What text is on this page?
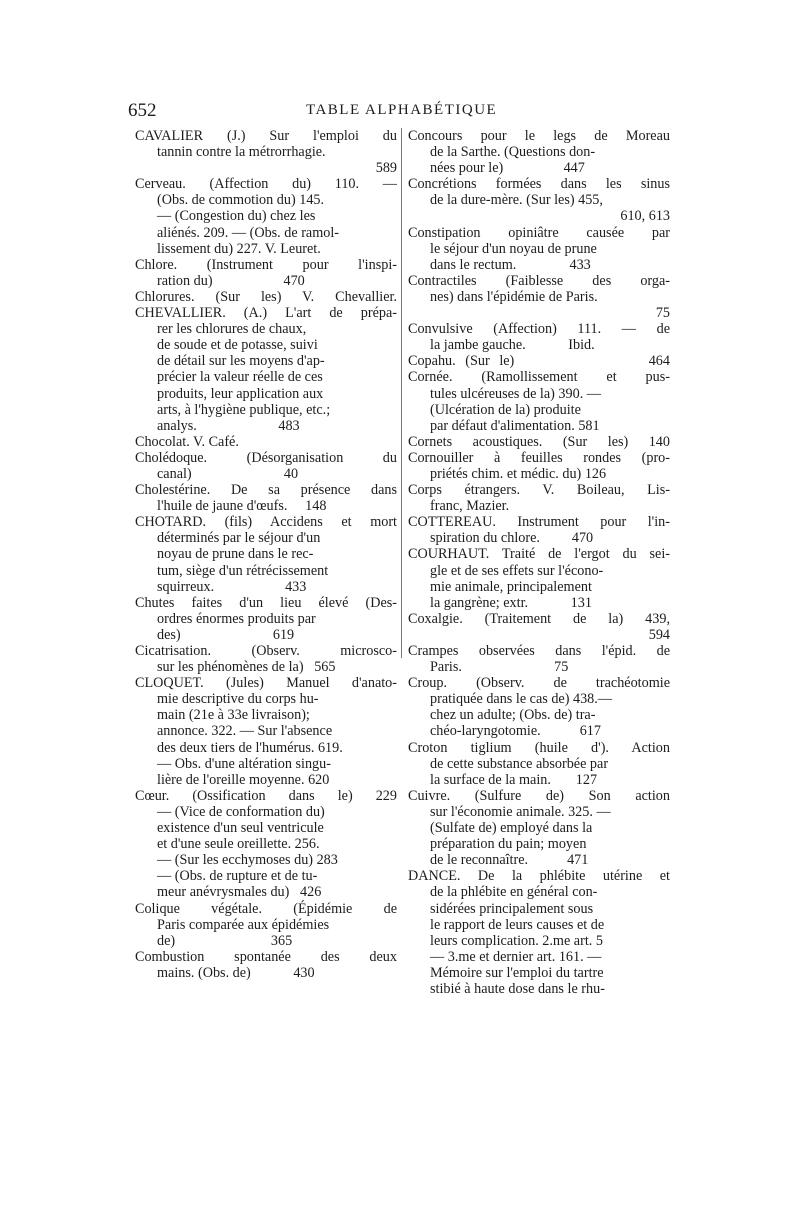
652	TABLE ALPHABÉTIQUE
CAVALIER (J.) Sur l'emploi du
tannin contre la métrorrhagie.
589
Cerveau. (Affection du) 110. —
(Obs. de commotion du) 145.
— (Congestion du) chez les
aliénés. 209. — (Obs. de ramol-
lissement du) 227. V. Leuret.
Chlore. (Instrument pour l'inspi-
ration du)                    470
Chlorures. (Sur les) V. Chevallier.
CHEVALLIER. (A.) L'art de prépa-
rer les chlorures de chaux,
de soude et de potasse, suivi
de détail sur les moyens d'ap-
précier la valeur réelle de ces
produits, leur application aux
arts, à l'hygiène publique, etc.;
analys.                       483
Chocolat. V. Café.
Cholédoque. (Désorganisation du
canal)                          40
Cholestérine. De sa présence dans
l'huile de jaune d'œufs.     148
CHOTARD. (fils) Accidens et mort
déterminés par le séjour d'un
noyau de prune dans le rec-
tum, siège d'un rétrécissement
squirreux.                    433
Chutes faites d'un lieu élevé (Des-
ordres énormes produits par
des)                          619
Cicatrisation. (Observ. microsco-
sur les phénomènes de la)   565
CLOQUET. (Jules) Manuel d'anato-
mie descriptive du corps hu-
main (21e à 33e livraison);
annonce. 322. — Sur l'absence
des deux tiers de l'humérus. 619.
— Obs. d'une altération singu-
lière de l'oreille moyenne. 620
Cœur. (Ossification dans le) 229
— (Vice de conformation du)
existence d'un seul ventricule
et d'une seule oreillette. 256.
— (Sur les ecchymoses du) 283
— (Obs. de rupture et de tu-
meur anévrysmales du)   426
Colique végétale. (Épidémie de
Paris comparée aux épidémies
de)                           365
Combustion spontanée des deux
mains. (Obs. de)            430
Concours pour le legs de Moreau
de la Sarthe. (Questions don-
nées pour le)                 447
Concrétions formées dans les sinus
de la dure-mère. (Sur les) 455,
610, 613
Constipation opiniâtre causée par
le séjour d'un noyau de prune
dans le rectum.               433
Contractiles (Faiblesse des orga-
nes) dans l'épidémie de Paris.
75
Convulsive (Affection) 111. — de
la jambe gauche.            Ibid.
Copahu. (Sur le)              464
Cornée. (Ramollissement et pus-
tules ulcéreuses de la) 390. —
(Ulcération de la) produite
par défaut d'alimentation. 581
Cornets acoustiques. (Sur les) 140
Cornouiller à feuilles rondes (pro-
priétés chim. et médic. du) 126
Corps étrangers. V. Boileau, Lis-
franc, Mazier.
COTTEREAU. Instrument pour l'in-
spiration du chlore.         470
COURHAUT. Traité de l'ergot du sei-
gle et de ses effets sur l'écono-
mie animale, principalement
la gangrène; extr.            131
Coxalgie. (Traitement de la) 439,
594
Crampes observées dans l'épid. de
Paris.                          75
Croup. (Observ. de trachéotomie
pratiquée dans le cas de) 438.—
chez un adulte; (Obs. de) tra-
chéo-laryngotomie.           617
Croton tiglium (huile d'). Action
de cette substance absorbée par
la surface de la main.       127
Cuivre. (Sulfure de) Son action
sur l'économie animale. 325. —
(Sulfate de) employé dans la
préparation du pain; moyen
de le reconnaître.           471
DANCE. De la phlébite utérine et
de la phlébite en général con-
sidérées principalement sous
le rapport de leurs causes et de
leurs complication. 2.me art. 5
— 3.me et dernier art. 161. —
Mémoire sur l'emploi du tartre
stibié à haute dose dans le rhu-
